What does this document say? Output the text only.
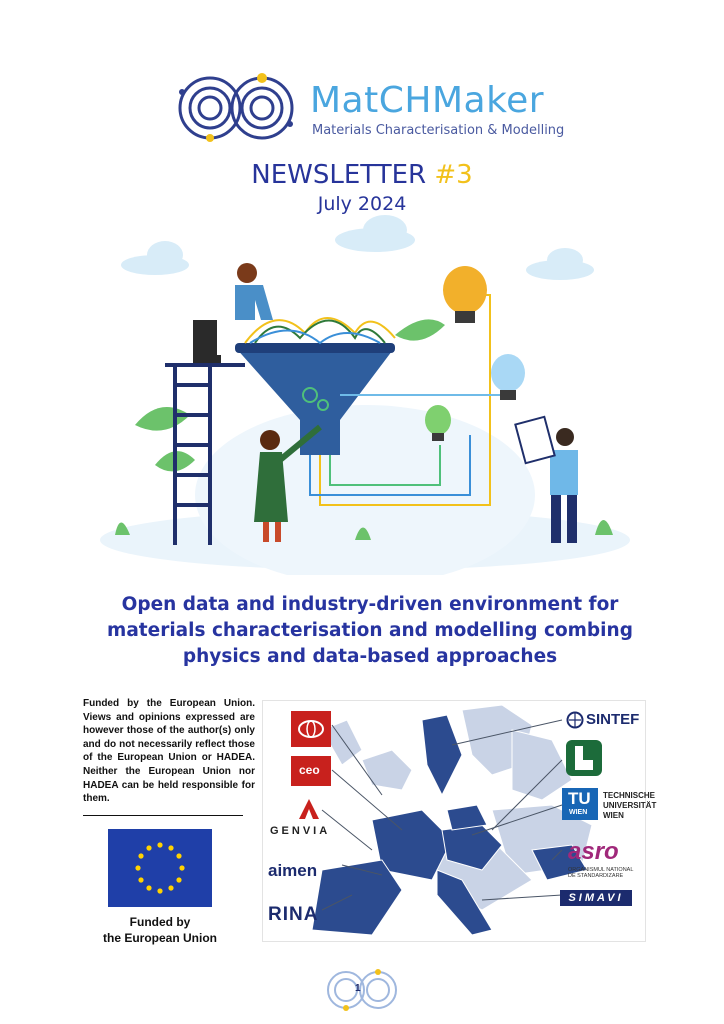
MatCHMaker
Materials Characterisation & Modelling
NEWSLETTER #3
July 2024
Open data and industry-driven environment for materials characterisation and modelling combing physics and data-based approaches
Funded by the European Union. Views and opinions expressed are however those of the author(s) only and do not necessarily reflect those of the European Union or HADEA. Neither the European Union nor HADEA can be held responsible for them.
Funded by
the European Union
ceo
GENVIA
aimen
RINA
SINTEF
TU
WIEN
TECHNISCHE UNIVERSITÄT WIEN
asro
ORGANISMUL NATIONAL DE STANDARDIZARE
SIMAVI
1
